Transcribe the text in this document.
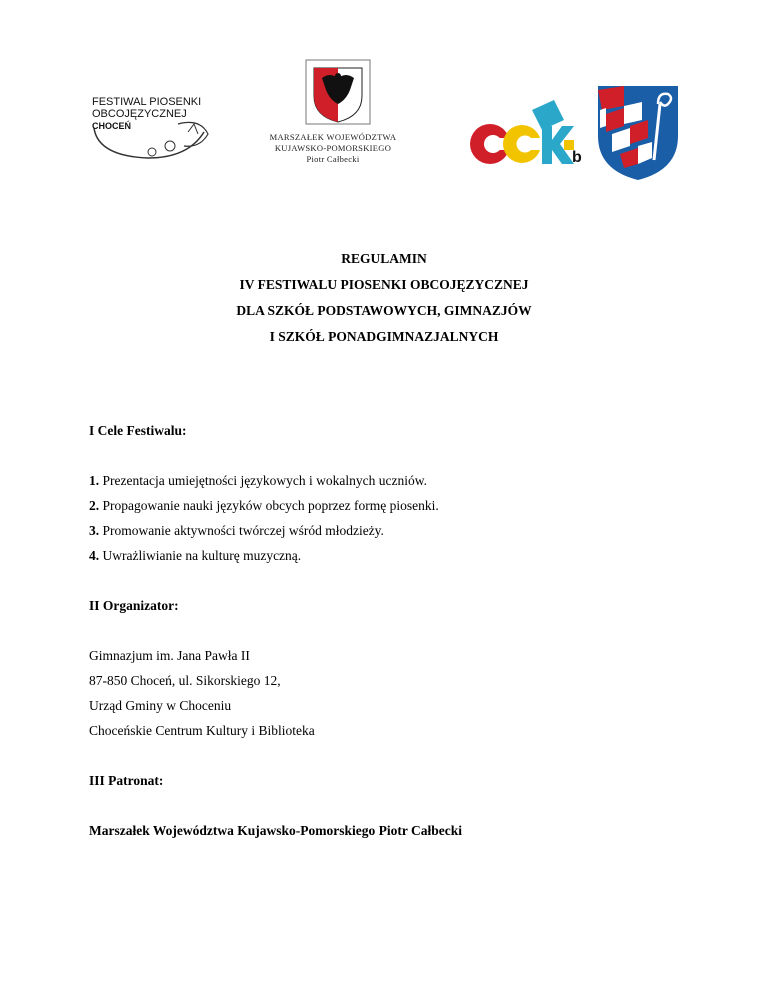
FESTIWAL PIOSENKI
OBCOJĘZYCZNEJ
CHOCEŃ
MARSZAŁEK WOJEWÓDZTWA
KUJAWSKO-POMORSKIEGO
Piotr Całbecki	b
REGULAMIN
IV FESTIWALU PIOSENKI OBCOJĘZYCZNEJ
DLA SZKÓŁ PODSTAWOWYCH, GIMNAZJÓW
I SZKÓŁ PONADGIMNAZJALNYCH
I Cele Festiwalu:
1. Prezentacja umiejętności językowych i wokalnych uczniów.
2. Propagowanie nauki języków obcych poprzez formę piosenki.
3. Promowanie aktywności twórczej wśród młodzieży.
4. Uwrażliwianie na kulturę muzyczną.
II Organizator:
Gimnazjum im. Jana Pawła II
87-850 Choceń, ul. Sikorskiego 12,
Urząd Gminy w Choceniu
Choceńskie Centrum Kultury i Biblioteka
III Patronat:
Marszałek Województwa Kujawsko-Pomorskiego Piotr Całbecki
